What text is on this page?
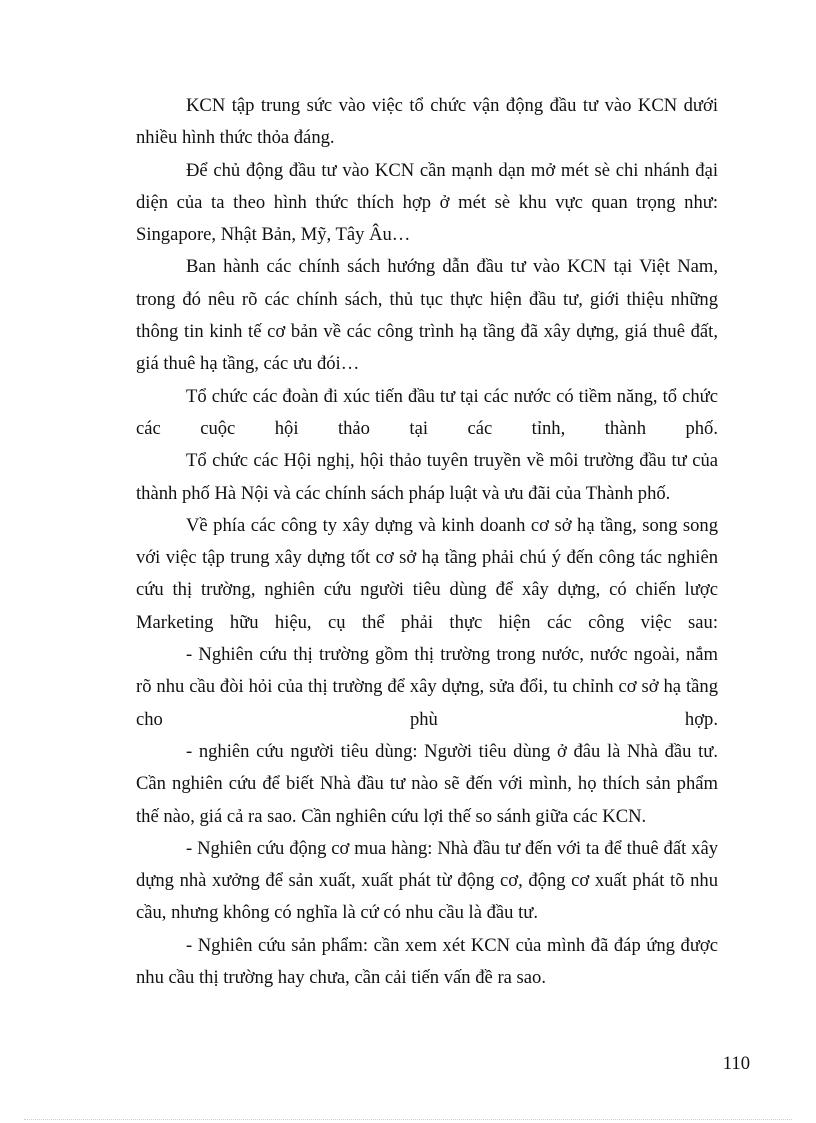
KCN tập trung sức vào việc tổ chức vận động đầu tư vào KCN dưới nhiều hình thức thỏa đáng.

Để chủ động đầu tư vào KCN cần mạnh dạn mở mét sè chi nhánh đại diện của ta theo hình thức thích hợp ở mét sè khu vực quan trọng như: Singapore, Nhật Bản, Mỹ, Tây Âu…

Ban hành các chính sách hướng dẫn đầu tư vào KCN tại Việt Nam, trong đó nêu rõ các chính sách, thủ tục thực hiện đầu tư, giới thiệu những thông tin kinh tế cơ bản về các công trình hạ tầng đã xây dựng, giá thuê đất, giá thuê hạ tầng, các ưu đói…

Tổ chức các đoàn đi xúc tiến đầu tư tại các nước có tiềm năng, tổ chức các cuộc hội thảo tại các tỉnh, thành phố.

Tổ chức các Hội nghị, hội thảo tuyên truyền về môi trường đầu tư của thành phố Hà Nội và các chính sách pháp luật và ưu đãi của Thành phố.

Về phía các công ty xây dựng và kinh doanh cơ sở hạ tầng, song song với việc tập trung xây dựng tốt cơ sở hạ tầng phải chú ý đến công tác nghiên cứu thị trường, nghiên cứu người tiêu dùng để xây dựng, có chiến lược Marketing hữu hiệu, cụ thể phải thực hiện các công việc sau:

- Nghiên cứu thị trường gồm thị trường trong nước, nước ngoài, nắm rõ nhu cầu đòi hỏi của thị trường để xây dựng, sửa đổi, tu chỉnh cơ sở hạ tầng cho phù hợp.

- nghiên cứu người tiêu dùng: Người tiêu dùng ở đâu là Nhà đầu tư. Cần nghiên cứu để biết Nhà đầu tư nào sẽ đến với mình, họ thích sản phẩm thế nào, giá cả ra sao. Cần nghiên cứu lợi thế so sánh giữa các KCN.

- Nghiên cứu động cơ mua hàng: Nhà đầu tư đến với ta để thuê đất xây dựng nhà xưởng để sản xuất, xuất phát từ động cơ, động cơ xuất phát tõ nhu cầu, nhưng không có nghĩa là cứ có nhu cầu là đầu tư.

- Nghiên cứu sản phẩm: cần xem xét KCN của mình đã đáp ứng được nhu cầu thị trường hay chưa, cần cải tiến vấn đề ra sao.

110
